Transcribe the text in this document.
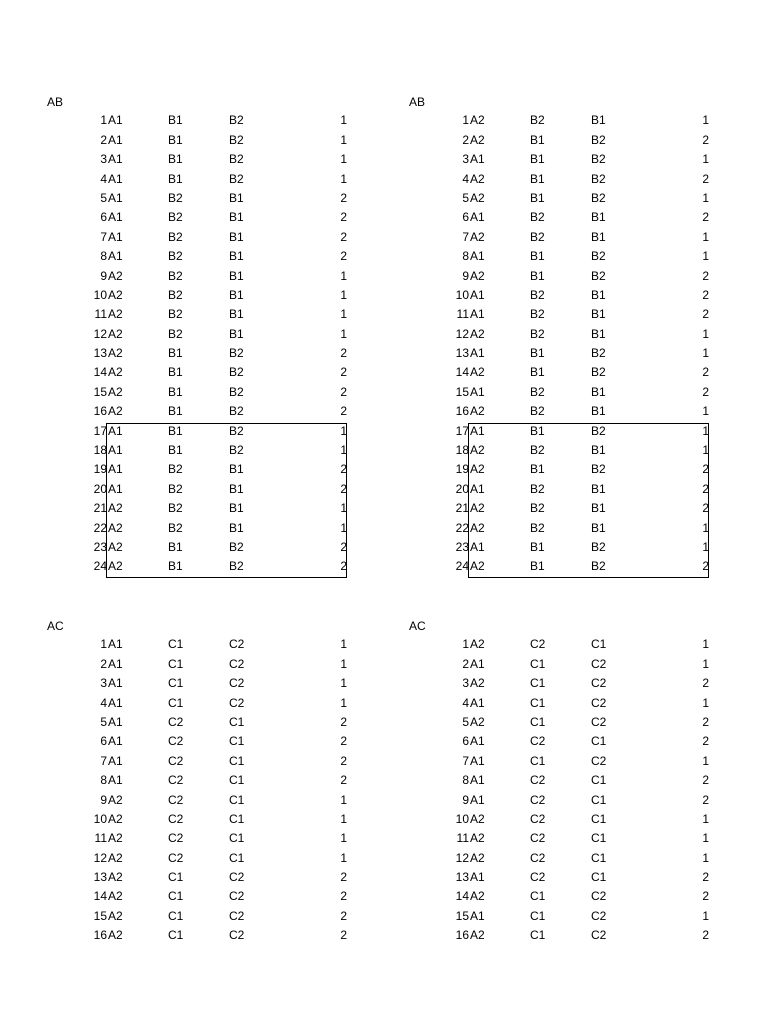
AB
1 A1	B1	B2	1
2 A1	B1	B2	1
3 A1	B1	B2	1
4 A1	B1	B2	1
5 A1	B2	B1	2
6 A1	B2	B1	2
7 A1	B2	B1	2
8 A1	B2	B1	2
9 A2	B2	B1	1
10 A2	B2	B1	1
11 A2	B2	B1	1
12 A2	B2	B1	1
13 A2	B1	B2	2
14 A2	B1	B2	2
15 A2	B1	B2	2
16 A2	B1	B2	2
17 A1	B1	B2	1
18 A1	B1	B2	1
19 A1	B2	B1	2
20 A1	B2	B1	2
21 A2	B2	B1	1
22 A2	B2	B1	1
23 A2	B1	B2	2
24 A2	B1	B2	2
AB
1 A2	B2	B1	1
2 A2	B1	B2	2
3 A1	B1	B2	1
4 A2	B1	B2	2
5 A2	B1	B2	1
6 A1	B2	B1	2
7 A2	B2	B1	1
8 A1	B1	B2	1
9 A2	B1	B2	2
10 A1	B2	B1	2
11 A1	B2	B1	2
12 A2	B2	B1	1
13 A1	B1	B2	1
14 A2	B1	B2	2
15 A1	B2	B1	2
16 A2	B2	B1	1
17 A1	B1	B2	1
18 A2	B2	B1	1
19 A2	B1	B2	2
20 A1	B2	B1	2
21 A2	B2	B1	2
22 A2	B2	B1	1
23 A1	B1	B2	1
24 A2	B1	B2	2
AC
1 A1	C1	C2	1
2 A1	C1	C2	1
3 A1	C1	C2	1
4 A1	C1	C2	1
5 A1	C2	C1	2
6 A1	C2	C1	2
7 A1	C2	C1	2
8 A1	C2	C1	2
9 A2	C2	C1	1
10 A2	C2	C1	1
11 A2	C2	C1	1
12 A2	C2	C1	1
13 A2	C1	C2	2
14 A2	C1	C2	2
15 A2	C1	C2	2
16 A2	C1	C2	2
AC
1 A2	C2	C1	1
2 A1	C1	C2	1
3 A2	C1	C2	2
4 A1	C1	C2	1
5 A2	C1	C2	2
6 A1	C2	C1	2
7 A1	C1	C2	1
8 A1	C2	C1	2
9 A1	C2	C1	2
10 A2	C2	C1	1
11 A2	C2	C1	1
12 A2	C2	C1	1
13 A1	C2	C1	2
14 A2	C1	C2	2
15 A1	C1	C2	1
16 A2	C1	C2	2
